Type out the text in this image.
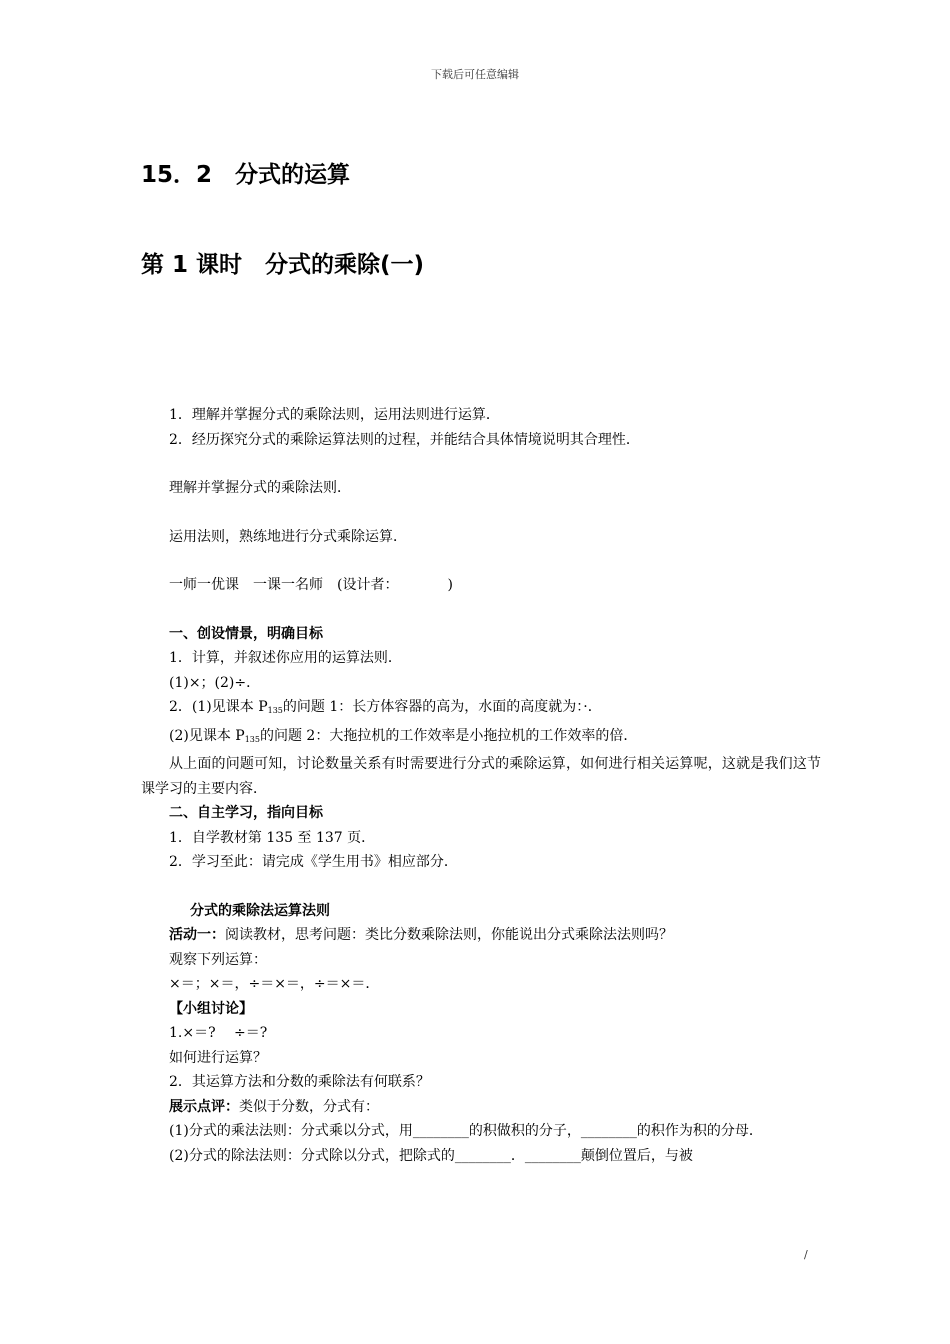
下载后可任意编辑
15．2　分式的运算
第 1 课时　分式的乘除(一)

1．理解并掌握分式的乘除法则，运用法则进行运算．

2．经历探究分式的乘除运算法则的过程，并能结合具体情境说明其合理性．

理解并掌握分式的乘除法则．

运用法则，熟练地进行分式乘除运算．

一师一优课　一课一名师　(设计者：　　　　)

一、创设情景，明确目标

1．计算，并叙述你应用的运算法则．

(1)×；(2)÷．

2．(1)见课本 $P_{135}$的问题 1：长方体容器的高为，水面的高度就为：·．

(2)见课本 $P_{135}$的问题 2：大拖拉机的工作效率是小拖拉机的工作效率的倍．

从上面的问题可知，讨论数量关系有时需要进行分式的乘除运算，如何进行相关运算呢，这就是我们这节课学习的主要内容．

二、自主学习，指向目标

1．自学教材第 135 至 137 页．

2．学习至此：请完成《学生用书》相应部分．

分式的乘除法运算法则

活动一：阅读教材，思考问题：类比分数乘除法则，你能说出分式乘除法法则吗？

观察下列运算：

×＝；×＝，÷＝×＝，÷＝×＝．

【小组讨论】

1.×＝?　 ÷＝?

如何进行运算？

2．其运算方法和分数的乘除法有何联系？

展示点评：类似于分数，分式有：

(1)分式的乘法法则：分式乘以分式，用________的积做积的分子，________的积作为积的分母．

(2)分式的除法法则：分式除以分式，把除式的________．________颠倒位置后，与被

/
